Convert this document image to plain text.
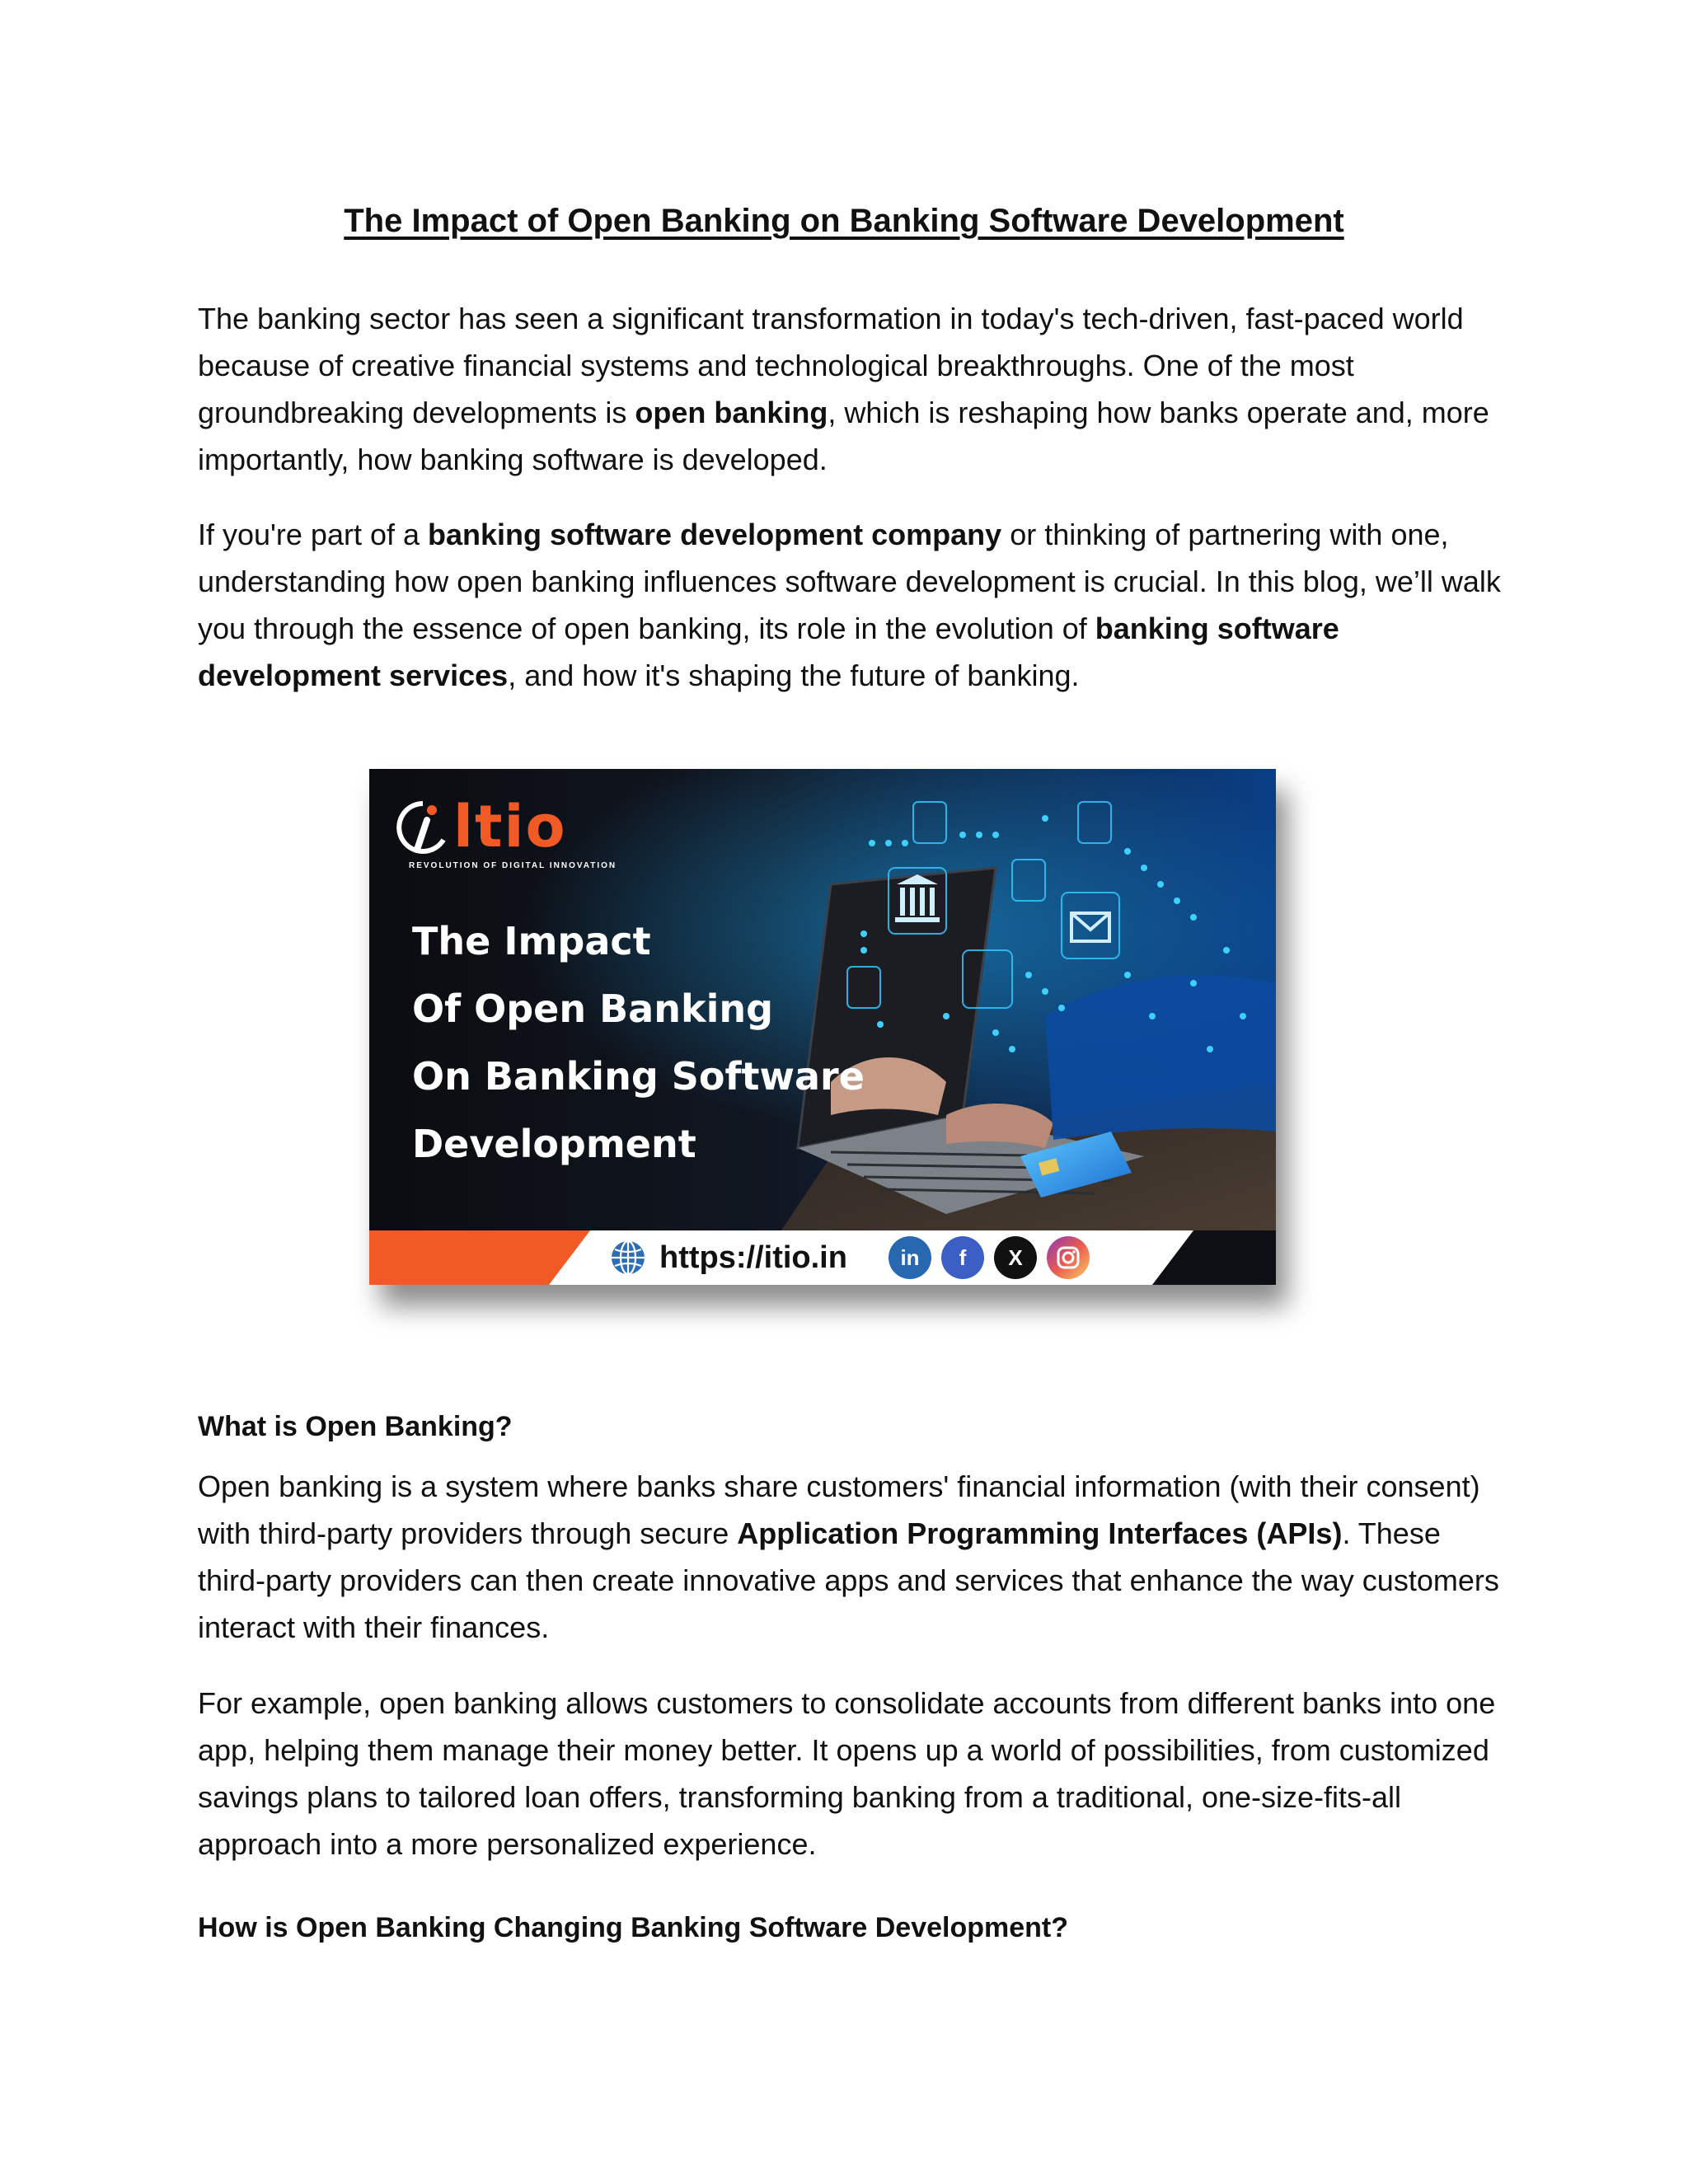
The Impact of Open Banking on Banking Software Development

The banking sector has seen a significant transformation in today's tech-driven, fast-paced world because of creative financial systems and technological breakthroughs. One of the most groundbreaking developments is open banking, which is reshaping how banks operate and, more importantly, how banking software is developed.

If you're part of a banking software development company or thinking of partnering with one, understanding how open banking influences software development is crucial. In this blog, we’ll walk you through the essence of open banking, its role in the evolution of banking software development services, and how it's shaping the future of banking.

ltio
REVOLUTION OF DIGITAL INNOVATION
The Impact
Of Open Banking
On Banking Software
Development
https://itio.in	in	f	X
What is Open Banking?

Open banking is a system where banks share customers' financial information (with their consent) with third-party providers through secure Application Programming Interfaces (APIs). These third-party providers can then create innovative apps and services that enhance the way customers interact with their finances.

For example, open banking allows customers to consolidate accounts from different banks into one app, helping them manage their money better. It opens up a world of possibilities, from customized savings plans to tailored loan offers, transforming banking from a traditional, one-size-fits-all approach into a more personalized experience.

How is Open Banking Changing Banking Software Development?
